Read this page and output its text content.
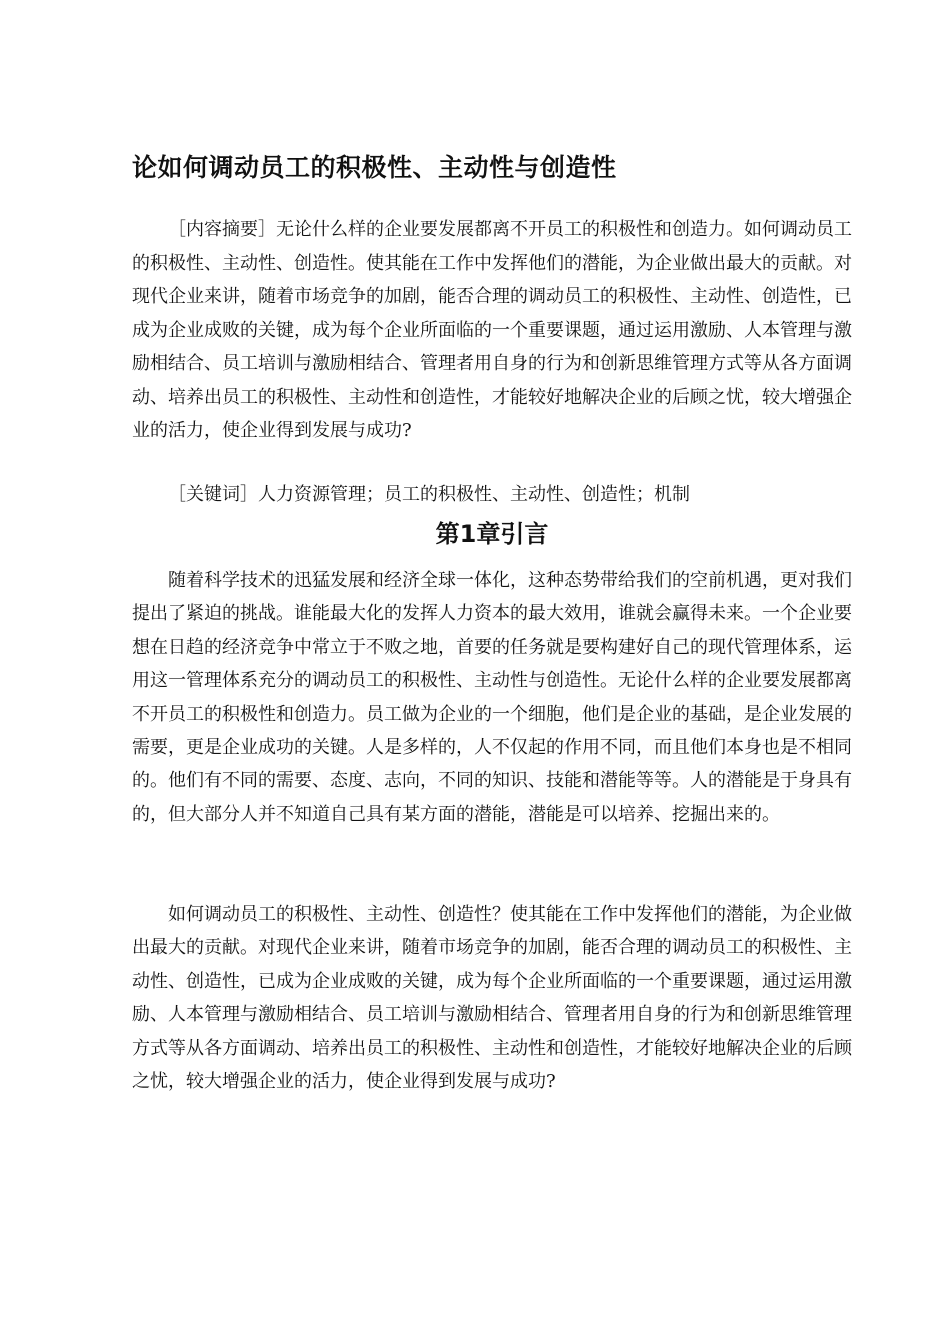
论如何调动员工的积极性、主动性与创造性

［内容摘要］无论什么样的企业要发展都离不开员工的积极性和创造力。如何调动员工的积极性、主动性、创造性。使其能在工作中发挥他们的潜能，为企业做出最大的贡献。对现代企业来讲，随着市场竞争的加剧，能否合理的调动员工的积极性、主动性、创造性，已成为企业成败的关键，成为每个企业所面临的一个重要课题，通过运用激励、人本管理与激励相结合、员工培训与激励相结合、管理者用自身的行为和创新思维管理方式等从各方面调动、培养出员工的积极性、主动性和创造性，才能较好地解决企业的后顾之忧，较大增强企业的活力，使企业得到发展与成功?

［关键词］人力资源管理；员工的积极性、主动性、创造性；机制

第1章引言

随着科学技术的迅猛发展和经济全球一体化，这种态势带给我们的空前机遇，更对我们提出了紧迫的挑战。谁能最大化的发挥人力资本的最大效用，谁就会赢得未来。一个企业要想在日趋的经济竞争中常立于不败之地，首要的任务就是要构建好自己的现代管理体系，运用这一管理体系充分的调动员工的积极性、主动性与创造性。无论什么样的企业要发展都离不开员工的积极性和创造力。员工做为企业的一个细胞，他们是企业的基础，是企业发展的需要，更是企业成功的关键。人是多样的，人不仅起的作用不同，而且他们本身也是不相同的。他们有不同的需要、态度、志向，不同的知识、技能和潜能等等。人的潜能是于身具有的，但大部分人并不知道自己具有某方面的潜能，潜能是可以培养、挖掘出来的。

如何调动员工的积极性、主动性、创造性？使其能在工作中发挥他们的潜能，为企业做出最大的贡献。对现代企业来讲，随着市场竞争的加剧，能否合理的调动员工的积极性、主动性、创造性，已成为企业成败的关键，成为每个企业所面临的一个重要课题，通过运用激励、人本管理与激励相结合、员工培训与激励相结合、管理者用自身的行为和创新思维管理方式等从各方面调动、培养出员工的积极性、主动性和创造性，才能较好地解决企业的后顾之忧，较大增强企业的活力，使企业得到发展与成功?
